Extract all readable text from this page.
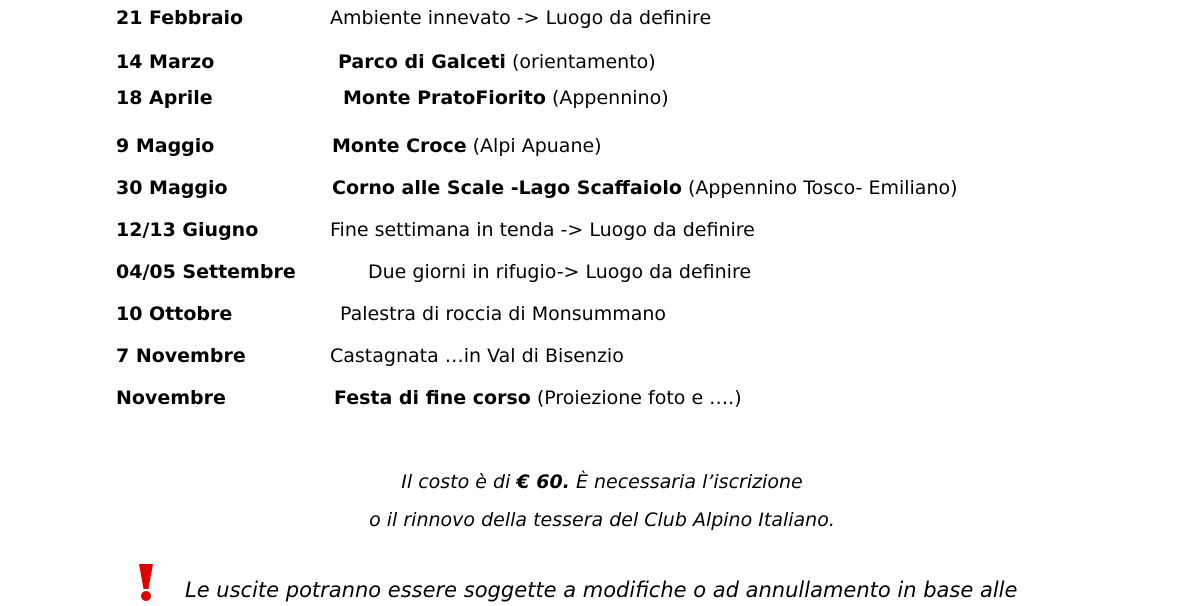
21 Febbraio	Ambiente innevato -> Luogo da definire
14 Marzo	Parco di Galceti (orientamento)
18 Aprile	Monte PratoFiorito (Appennino)
9 Maggio	Monte Croce (Alpi Apuane)
30 Maggio	Corno alle Scale -Lago Scaffaiolo (Appennino Tosco- Emiliano)
12/13 Giugno	Fine settimana in tenda -> Luogo da definire
04/05 Settembre	Due giorni in rifugio-> Luogo da definire
10 Ottobre	Palestra di roccia di Monsummano
7 Novembre	Castagnata …in Val di Bisenzio
Novembre	Festa di fine corso (Proiezione foto e ….)
Il costo è di € 60. È necessaria l’iscrizione
o il rinnovo della tessera del Club Alpino Italiano.
Le uscite potranno essere soggette a modifiche o ad annullamento in base alle
